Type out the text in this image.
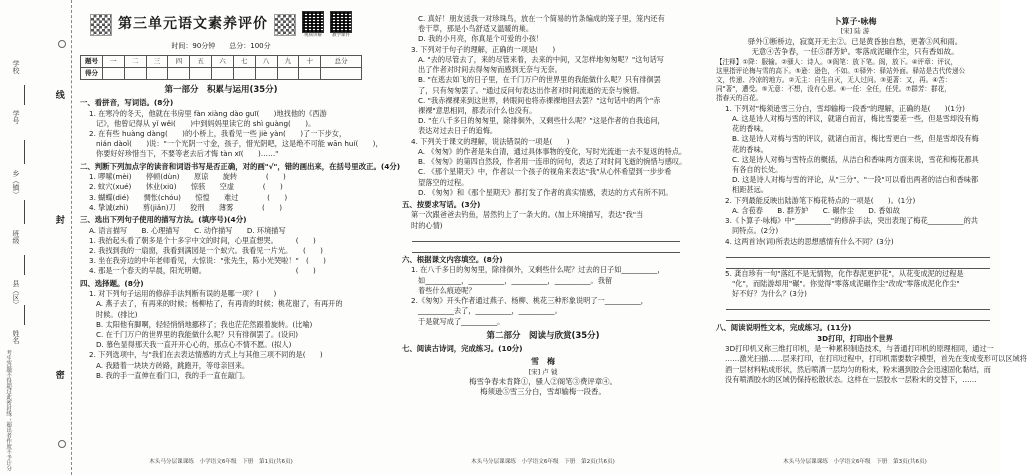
学校
学号
乡（镇）
班级
县（区）
姓名
线
封
密
考生答题不得超过此密封线；超出者作废不予计分
第三单元语文素养评价
视频讲解 教学课件
时间：90分钟　　总分：100分
题号	一	二	三	四	五	六	七	八	九	十	总分
得分											
第一部分　积累与运用(35分)
一、看拼音，写词语。(8分)
1. 在寒冷的冬天，他就在书房里 fàn xiàng dào guī(　　)地找他的《西游
记》，他曾记得从 yǐ wěi(　　)中到妈妈里读它的 shì guàng(　　)。
2. 在有些 huàng dàng(　　)的小桥上，我看见一些 jiè yàn(　　)了一下步女，
nián dàoǐ(　　)说："一个光阴一寸金，孩子，惜光阴吧，这是绝不可能 wān huí(　　)，
你要好好珍惜当下，不要等老去后才悔 tàn xī(　　)……"
二、判断下列加点字的读音和词语书写是否正确，对的画"√"，错的画出来，在括号里改正。(4分)
1. 啰嗦(mèi)　　停顿(dùn)　　原谅　　旋转　　　　(　　)
2. 蚊穴(xué)　　休业(xiū)　　惊骇　　空虚　　　　(　　)
3. 蝴蝶(dié)　　惆怅(chóu)　　惊惶　　难过　　　　(　　)
4. 挚诚(zhì)　　剪(jiǎn)刀　　狡刑　　薄雾　　　　(　　)
三、选出下列句子使用的描写方法。(填序号)(4分)
A. 语言描写　　B. 心理描写　　C. 动作描写　　D. 环境描写
1. 我抬起头看了朝多是个十多字中文的时间，心里直想哭。　　　(　　)
2. 我找到我的一扇窗，我看到满园是一个蚁穴。我看见一片光。　　(　　)
3. 坐在我旁边的中年老师看见，大惊说："张先生，陈小光哭啦！"　(　　)
4. 那是一个春天的早晨，阳光明媚。　　　　　　　　　　　　　(　　)
四、选择题。(8分)
1. 对下列句子运用的修辞手法判断有误的是哪一项？(　　)
A. 燕子去了，有再来的时候；杨柳枯了，有再青的时候；桃花谢了，有再开的
时候。(排比)
B. 太阳他有脚啊，轻轻悄悄地挪移了；我也茫茫然跟着旋转。(比喻)
C. 在千门万户的世界里的我能做什么呢？只有徘徊罢了。(设问)
D. 慕色显得那天我一直开开心心的，那点心不情不愿。(拟人)
2. 下列选项中，与"我们在去表达情感的方式上与其他三项不同的是(　　)
A. 我踏着一块块方砖路，跳跑开，等母亲回来。
B. 我的手一直伸在看门口，我的手一直在敲门。
木头马分层课课练　小学语文6年级　下册　第1页(共6页)
C. 真好！朋友送我一对珍珠鸟，放在一个简易的竹条编成的笼子里，笼内还有
卷干草，那是小鸟舒适又温暖的巢。
D. 我的小月亮，你真是个可爱的小孩！
3. 下列对于句子的理解，正确的一项是(　　)
A. "去的尽管去了，来的尽管来着，去来的中间，又怎样地匆匆呢？"这句话写
出了作者对时间去得匆匆而感到无奈与无奈。
B. "在逃去如飞的日子里，在千门万户的世界里的我能做什么呢？只有徘徊罢
了，只有匆匆罢了。"通过反问句表达出作者对时间流逝的无奈与惋惜。
C. "我赤裸裸来到这世界，转眼间也将赤裸裸地回去罢？"这句话中的两个"赤
裸裸"意思相同，都表示什么也没有。
D. "在八千多日的匆匆里，除徘徊外，又剩些什么呢？"这是作者的自我追问，
表达对过去日子的追悔。
4. 下列关于课文的理解，说法错误的一项是(　　)
A. 《匆匆》的作者是朱自清，通过具体事物的变化，写时光流逝一去不复返的特点。
B. 《匆匆》的第四自然段，作者用一连串的问句，表达了对时间飞逝的惋惜与感叹。
C. 《那个星期天》中，作者以一个孩子的视角来表达"我"从心怀希望到一步步希
望落空的过程。
D. 《匆匆》和《那个星期天》都打发了作者的真实情感，表达的方式有所不同。
五、按要求写话。(3分)
第一次跟爸爸去钓鱼，居然钓上了一条大的。(加上环境描写，表达"我"当
时的心情)
六、根据课文内容填空。(8分)
1. 在八千多日的匆匆里，除徘徊外，又剩些什么呢？过去的日子如__________，
如__________，__________，__________，__________。我留
着些什么痕迹呢？
2.《匆匆》开头作者通过燕子、杨柳、桃花三种形象说明了一__________，
__________去了，__________，__________。
于是就写成了__________。
第二部分　阅读与欣赏(35分)
七、阅读古诗词，完成练习。(10分)
雪　梅
[宋] 卢 钺
梅雪争春未肯降①，骚人②阁笔③费评章④。
梅须逊⑤雪三分白，雪却输梅一段香。
木头马分层课课练　小学语文6年级　下册　第2页(共6页)
卜算子·咏梅
[宋] 陆 游
驿外①断桥边，寂寞开无主②。已是黄昏独自愁，更著③风和雨。
无意④苦争春，一任⑤群芳妒。零落成泥碾作尘，只有香如故。
【注释】①降：服输。②骚人：诗人。③阁笔：放下笔。阁，放下。④评章：评议，
这里指评论梅与雪的高下。⑤逊：逊色，不如。①驿外：驿站外面。驿站是古代传递公
文，传递、冷凉的地方。②无主：自生自灭，无人过问。③更著：又，再。④苦：
同"著"，遭受。⑤无意：不想，没有心思。⑥一任：全任，任凭。⑦群芳：群花，
指春天的百花。
1. 下列对"梅须逊雪三分白，雪却输梅一段香"的理解，正确的是(　　)(1分)
A. 这是诗人对梅与雪的评议，就诸白而言，梅比雪要差一些，但是雪却没有梅
花的香味。
B. 这是诗人对梅与雪的评议，就诸白而言，梅比雪更白一些，但是雪却没有梅
花的香味。
C. 这是诗人对梅与雪特点的概括，从洁白和香味两方面来说，雪花和梅花都具
有各自的长处。
D. 这是诗人对梅与雪的评论，从"三分"、"一段"可以看出两者的洁白和香味都
相距甚远。
2. 下列最能反映出陆游笔下梅花特点的一项是(　　)。(1分)
A. 含苞春　　B. 群芳妒　　C. 碾作尘　　D. 香如故
3.《卜算子·咏梅》中"__________"的修辞手法，突出表现了梅花__________的共
同特点。(2分)
4. 这两首诗(词)所表达的思想感情有什么不同？(3分)
5. 龚自珍有一句"落红不是无情物，化作春泥更护花"，从花变成泥的过程是
"化"，而陆游却用"碾"。你觉得"零落成泥碾作尘"改成"零落成泥化作尘"
好不好？为什么？(3分)
八、阅读说明性文本，完成练习。(11分)
3D打印，打印出个世界
3D打印机又称三维打印机，是一种累积制造技术，与普通打印机的原理相同，通过一
……激光扫描……层来打印，在打印过程中，打印机需要数字模型，首先在变成变形可以区域将
酒一层材料粘成形状，然后喷洒一层均匀的粉末，粉末遇到胶合会迅速固化黏结，而
没有喷洒胶水的区域仍保持松散状态。这样在一层胶水一层粉末的交替下，……
木头马分层课课练　小学语文6年级　下册　第3页(共6页)
